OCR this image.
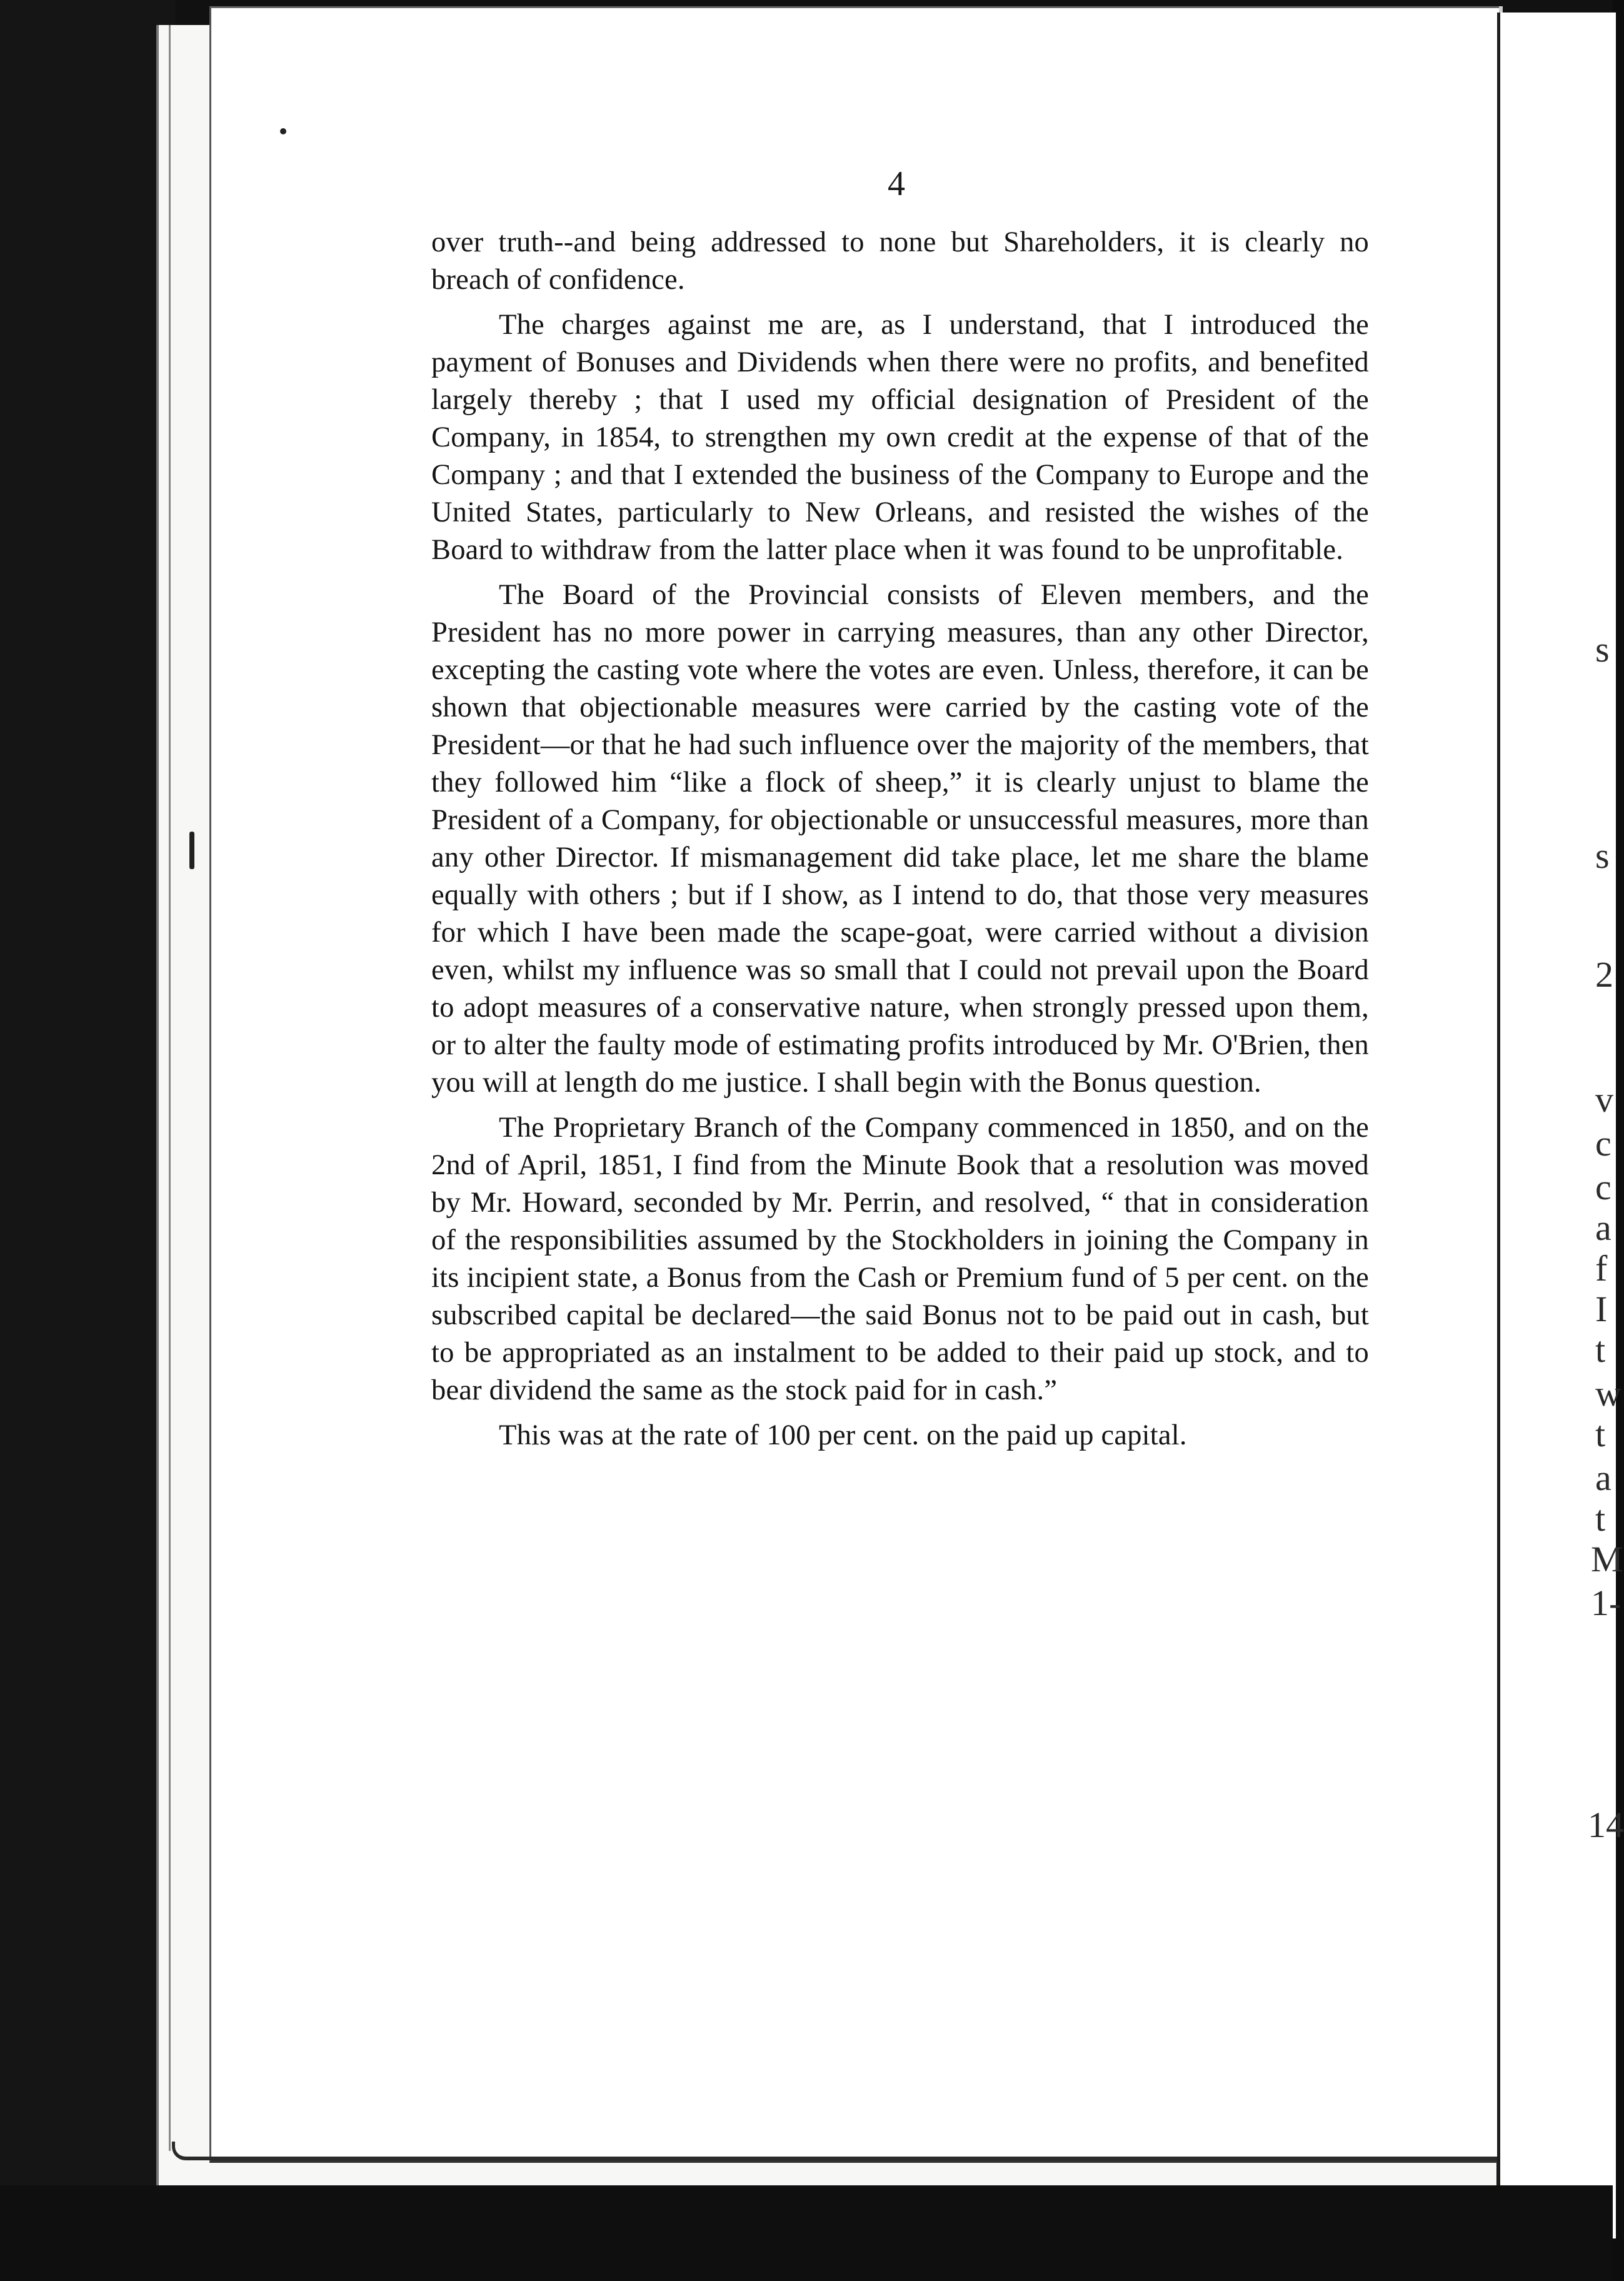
s
s
2
v
c
c
a
f
I
t
w
t
a
t
M
1-
14
4

over truth--and being addressed to none but Shareholders, it is clearly no breach of confidence.

The charges against me are, as I understand, that I introduced the payment of Bonuses and Dividends when there were no profits, and benefited largely thereby ; that I used my official designation of President of the Company, in 1854, to strengthen my own credit at the expense of that of the Company ; and that I extended the business of the Company to Europe and the United States, particularly to New Orleans, and resisted the wishes of the Board to withdraw from the latter place when it was found to be unprofitable.

The Board of the Provincial consists of Eleven members, and the President has no more power in carrying measures, than any other Director, excepting the casting vote where the votes are even. Unless, therefore, it can be shown that objectionable measures were carried by the casting vote of the President—or that he had such influence over the majority of the members, that they followed him “like a flock of sheep,” it is clearly unjust to blame the President of a Company, for objectionable or unsuccessful measures, more than any other Director. If mismanagement did take place, let me share the blame equally with others ; but if I show, as I intend to do, that those very measures for which I have been made the scape-goat, were carried without a division even, whilst my influence was so small that I could not prevail upon the Board to adopt measures of a conservative nature, when strongly pressed upon them, or to alter the faulty mode of estimating profits introduced by Mr. O'Brien, then you will at length do me justice. I shall begin with the Bonus question.

The Proprietary Branch of the Company commenced in 1850, and on the 2nd of April, 1851, I find from the Minute Book that a resolution was moved by Mr. Howard, seconded by Mr. Perrin, and resolved, “ that in consideration of the responsibilities assumed by the Stockholders in joining the Company in its incipient state, a Bonus from the Cash or Premium fund of 5 per cent. on the subscribed capital be declared—the said Bonus not to be paid out in cash, but to be appropriated as an instalment to be added to their paid up stock, and to bear dividend the same as the stock paid for in cash.”

This was at the rate of 100 per cent. on the paid up capital.
